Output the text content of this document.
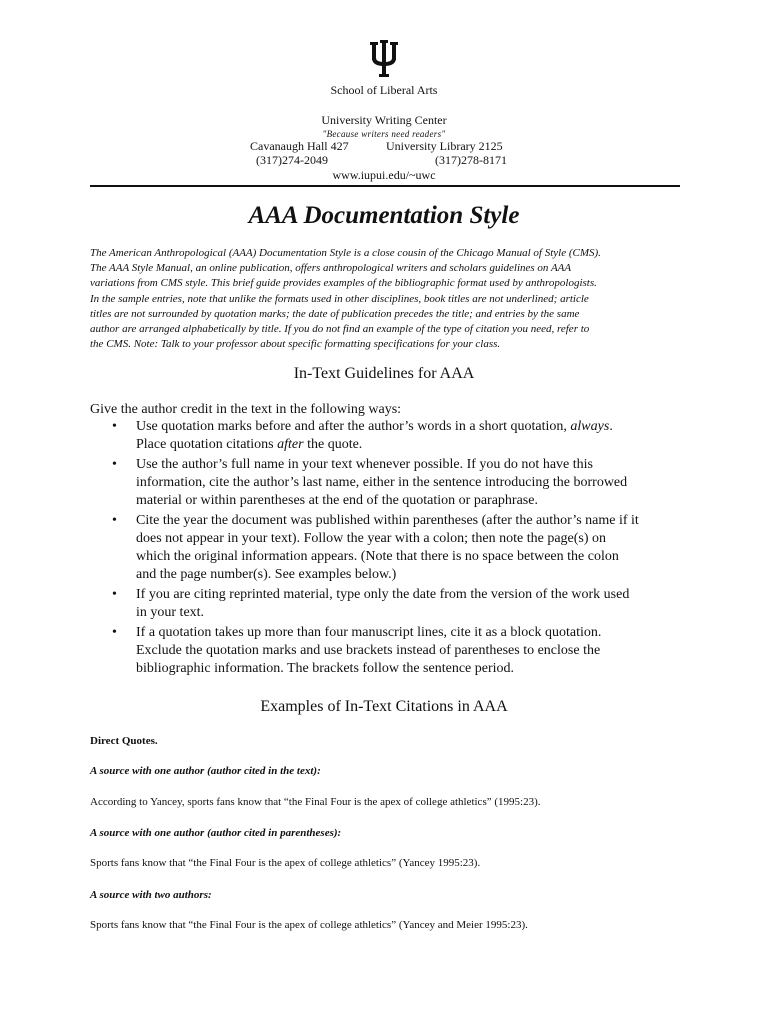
School of Liberal Arts
University Writing Center
"Because writers need readers"
Cavanaugh Hall 427	University Library 2125
(317)274-2049	(317)278-8171
www.iupui.edu/~uwc
AAA Documentation Style
The American Anthropological (AAA) Documentation Style is a close cousin of the Chicago Manual of Style (CMS).
The AAA Style Manual, an online publication, offers anthropological writers and scholars guidelines on AAA
variations from CMS style. This brief guide provides examples of the bibliographic format used by anthropologists.
In the sample entries, note that unlike the formats used in other disciplines, book titles are not underlined; article
titles are not surrounded by quotation marks; the date of publication precedes the title; and entries by the same
author are arranged alphabetically by title. If you do not find an example of the type of citation you need, refer to
the CMS. Note: Talk to your professor about specific formatting specifications for your class.
In-Text Guidelines for AAA
Give the author credit in the text in the following ways:
• Use quotation marks before and after the author’s words in a short quotation, always.
Place quotation citations after the quote.
• Use the author’s full name in your text whenever possible. If you do not have this
information, cite the author’s last name, either in the sentence introducing the borrowed
material or within parentheses at the end of the quotation or paraphrase.
• Cite the year the document was published within parentheses (after the author’s name if it
does not appear in your text). Follow the year with a colon; then note the page(s) on
which the original information appears. (Note that there is no space between the colon
and the page number(s). See examples below.)
• If you are citing reprinted material, type only the date from the version of the work used
in your text.
• If a quotation takes up more than four manuscript lines, cite it as a block quotation.
Exclude the quotation marks and use brackets instead of parentheses to enclose the
bibliographic information. The brackets follow the sentence period.
Examples of In-Text Citations in AAA
Direct Quotes.
A source with one author (author cited in the text):
According to Yancey, sports fans know that “the Final Four is the apex of college athletics” (1995:23).
A source with one author (author cited in parentheses):
Sports fans know that “the Final Four is the apex of college athletics” (Yancey 1995:23).
A source with two authors:
Sports fans know that “the Final Four is the apex of college athletics” (Yancey and Meier 1995:23).
